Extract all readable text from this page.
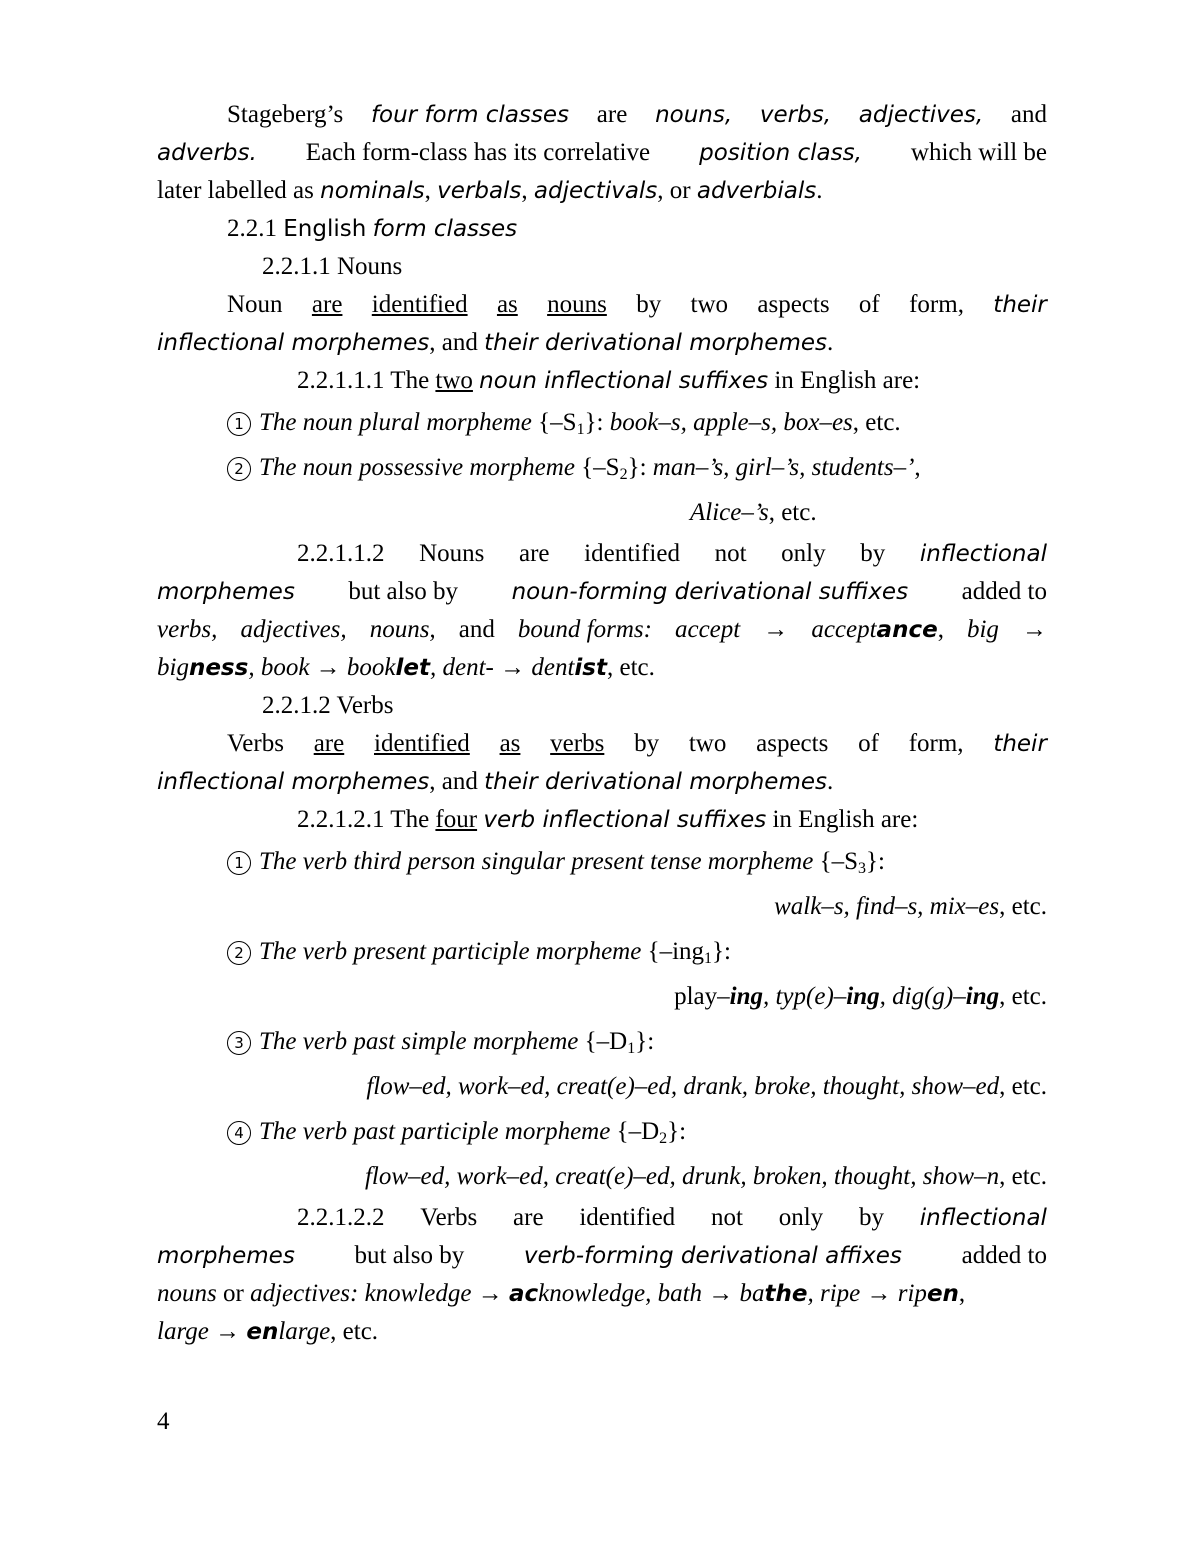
Stageberg’s four form classes are nouns, verbs, adjectives, and
adverbs. Each form-class has its correlative position class, which will be
later labelled as nominals, verbals, adjectivals, or adverbials.
2.2.1 English form classes
2.2.1.1 Nouns
Noun are identified as nouns by two aspects of form, their
inflectional morphemes, and their derivational morphemes.
2.2.1.1.1 The two noun inflectional suffixes in English are:
1 The noun plural morpheme $\{-S_1\}$: book–s, apple–s, box–es, etc.
2 The noun possessive morpheme $\{-S_2\}$: man–’s, girl–’s, students–’,
Alice–’s, etc.
2.2.1.1.2 Nouns are identified not only by inflectional
morphemes but also by noun-forming derivational suffixes added to
verbs, adjectives, nouns, and bound forms: accept → acceptance, big →
bigness, book → booklet, dent- → dentist, etc.
2.2.1.2 Verbs
Verbs are identified as verbs by two aspects of form, their
inflectional morphemes, and their derivational morphemes.
2.2.1.2.1 The four verb inflectional suffixes in English are:
1 The verb third person singular present tense morpheme $\{-S_3\}$:
walk–s, find–s, mix–es, etc.
2 The verb present participle morpheme {–ing$_1$}:
play–ing, typ(e)–ing, dig(g)–ing, etc.
3 The verb past simple morpheme $\{-D_1\}$:
flow–ed, work–ed, creat(e)–ed, drank, broke, thought, show–ed, etc.
4 The verb past participle morpheme $\{-D_2\}$:
flow–ed, work–ed, creat(e)–ed, drunk, broken, thought, show–n, etc.
2.2.1.2.2 Verbs are identified not only by inflectional
morphemes but also by	verb-forming derivational affixes added to
nouns or adjectives: knowledge → acknowledge, bath → bathe, ripe → ripen,
large → enlarge, etc.
4
